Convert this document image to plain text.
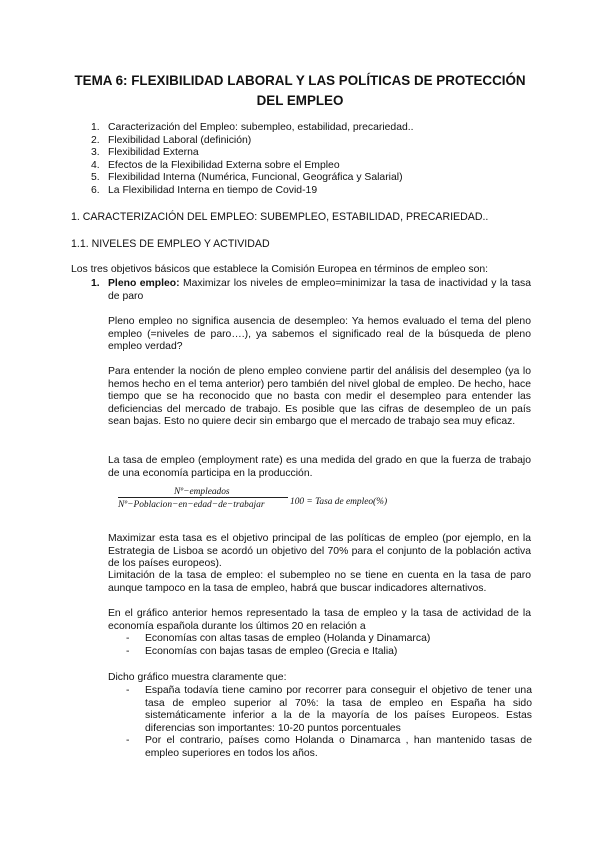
TEMA 6: FLEXIBILIDAD LABORAL Y LAS POLÍTICAS DE PROTECCIÓN DEL EMPLEO
1. Caracterización del Empleo: subempleo, estabilidad, precariedad..
2. Flexibilidad Laboral (definición)
3. Flexibilidad Externa
4. Efectos de la Flexibilidad Externa sobre el Empleo
5. Flexibilidad Interna (Numérica, Funcional, Geográfica y Salarial)
6. La Flexibilidad Interna en tiempo de Covid-19
1. CARACTERIZACIÓN DEL EMPLEO: SUBEMPLEO, ESTABILIDAD, PRECARIEDAD..
1.1. NIVELES DE EMPLEO Y ACTIVIDAD

Los tres objetivos básicos que establece la Comisión Europea en términos de empleo son:

1. Pleno empleo: Maximizar los niveles de empleo=minimizar la tasa de inactividad y la tasa de paro

Pleno empleo no significa ausencia de desempleo: Ya hemos evaluado el tema del pleno empleo (=niveles de paro….), ya sabemos el significado real de la búsqueda de pleno empleo verdad?

Para entender la noción de pleno empleo conviene partir del análisis del desempleo (ya lo hemos hecho en el tema anterior) pero también del nivel global de empleo. De hecho, hace tiempo que se ha reconocido que no basta con medir el desempleo para entender las deficiencias del mercado de trabajo. Es posible que las cifras de desempleo de un país sean bajas. Esto no quiere decir sin embargo que el mercado de trabajo sea muy eficaz.

La tasa de empleo (employment rate) es una medida del grado en que la fuerza de trabajo de una economía participa en la producción.

Nº−empleados
Nº−Poblacion−en−edad−de−trabajar	100 = Tasa de empleo(%)

Maximizar esta tasa es el objetivo principal de las políticas de empleo (por ejemplo, en la Estrategia de Lisboa se acordó un objetivo del 70% para el conjunto de la población activa de los países europeos).

Limitación de la tasa de empleo: el subempleo no se tiene en cuenta en la tasa de paro aunque tampoco en la tasa de empleo, habrá que buscar indicadores alternativos.

En el gráfico anterior hemos representado la tasa de empleo y la tasa de actividad de la economía española durante los últimos 20 en relación a

- Economías con altas tasas de empleo (Holanda y Dinamarca)
- Economías con bajas tasas de empleo (Grecia e Italia)

Dicho gráfico muestra claramente que:

- España todavía tiene camino por recorrer para conseguir el objetivo de tener una tasa de empleo superior al 70%: la tasa de empleo en España ha sido sistemáticamente inferior a la de la mayoría de los países Europeos. Estas diferencias son importantes: 10-20 puntos porcentuales
- Por el contrario, países como Holanda o Dinamarca , han mantenido tasas de empleo superiores en todos los años.
